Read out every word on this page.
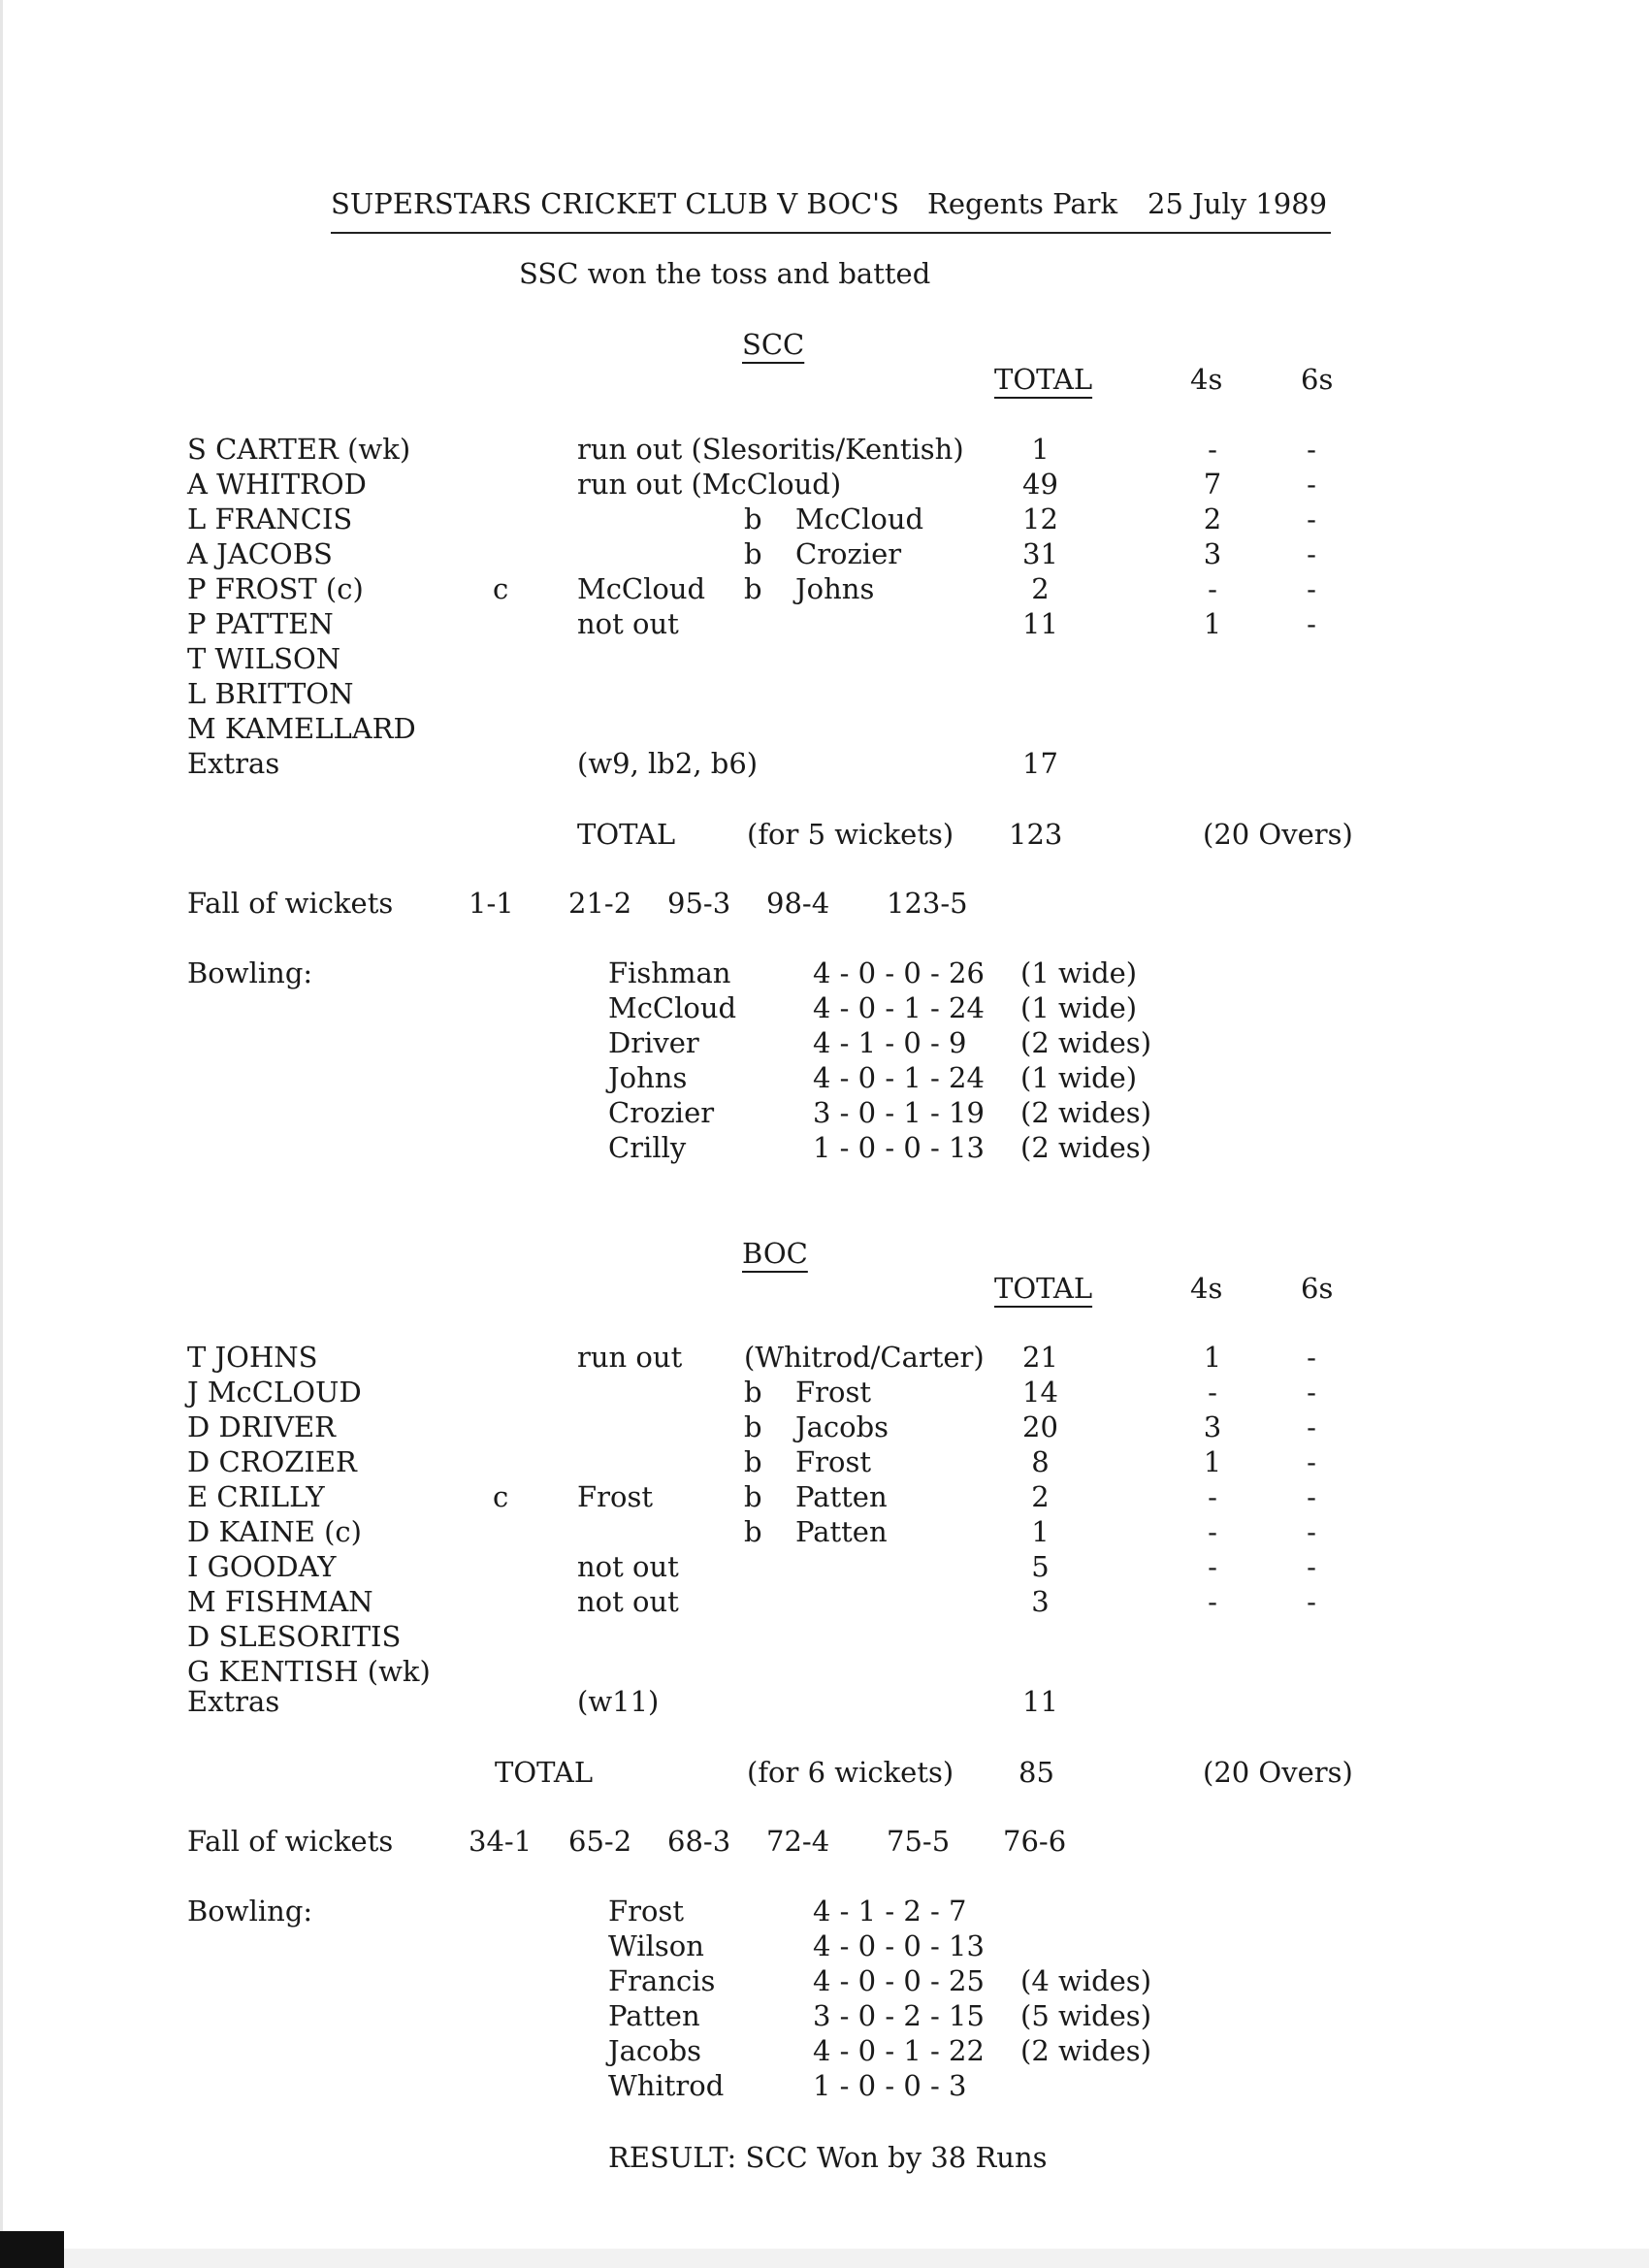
SUPERSTARS CRICKET CLUB V BOC'S Regents Park 25 July 1989
SSC won the toss and batted
SCC
TOTAL	4s	6s
S CARTER (wk)	run out (Slesoritis/Kentish)	1	-	-
A WHITROD	run out (McCloud)	49	7	-
L FRANCIS	b McCloud	12	2	-
A JACOBS	b Crozier	31	3	-
P FROST (c)	c McCloud b Johns	2	-	-
P PATTEN	not out	11	1	-
T WILSON
L BRITTON
M KAMELLARD
Extras	(w9, lb2, b6)	17
TOTAL	(for 5 wickets) 123	(20 Overs)
Fall of wickets	1-1 21-2 95-3 98-4 123-5
Bowling:	Fishman	4 - 0 - 0 - 26 (1 wide)
McCloud	4 - 0 - 1 - 24 (1 wide)
Driver	4 - 1 - 0 - 9 (2 wides)
Johns	4 - 0 - 1 - 24 (1 wide)
Crozier	3 - 0 - 1 - 19 (2 wides)
Crilly	1 - 0 - 0 - 13 (2 wides)
BOC
TOTAL	4s	6s
T JOHNS	run out (Whitrod/Carter)	21	1	-
J McCLOUD	b Frost	14	-	-
D DRIVER	b Jacobs	20	3	-
D CROZIER	b Frost	8	1	-
E CRILLY	c Frost	b Patten	2	-	-
D KAINE (c)	b Patten	1	-	-
I GOODAY	not out	5	-	-
M FISHMAN	not out	3	-	-
D SLESORITIS
G KENTISH (wk)
Extras	(w11)	11
TOTAL	(for 6 wickets) 85	(20 Overs)
Fall of wickets	34-1 65-2 68-3 72-4 75-5 76-6
Bowling:	Frost	4 - 1 - 2 - 7
Wilson	4 - 0 - 0 - 13
Francis	4 - 0 - 0 - 25 (4 wides)
Patten	3 - 0 - 2 - 15 (5 wides)
Jacobs	4 - 0 - 1 - 22 (2 wides)
Whitrod	1 - 0 - 0 - 3
RESULT: SCC Won by 38 Runs
